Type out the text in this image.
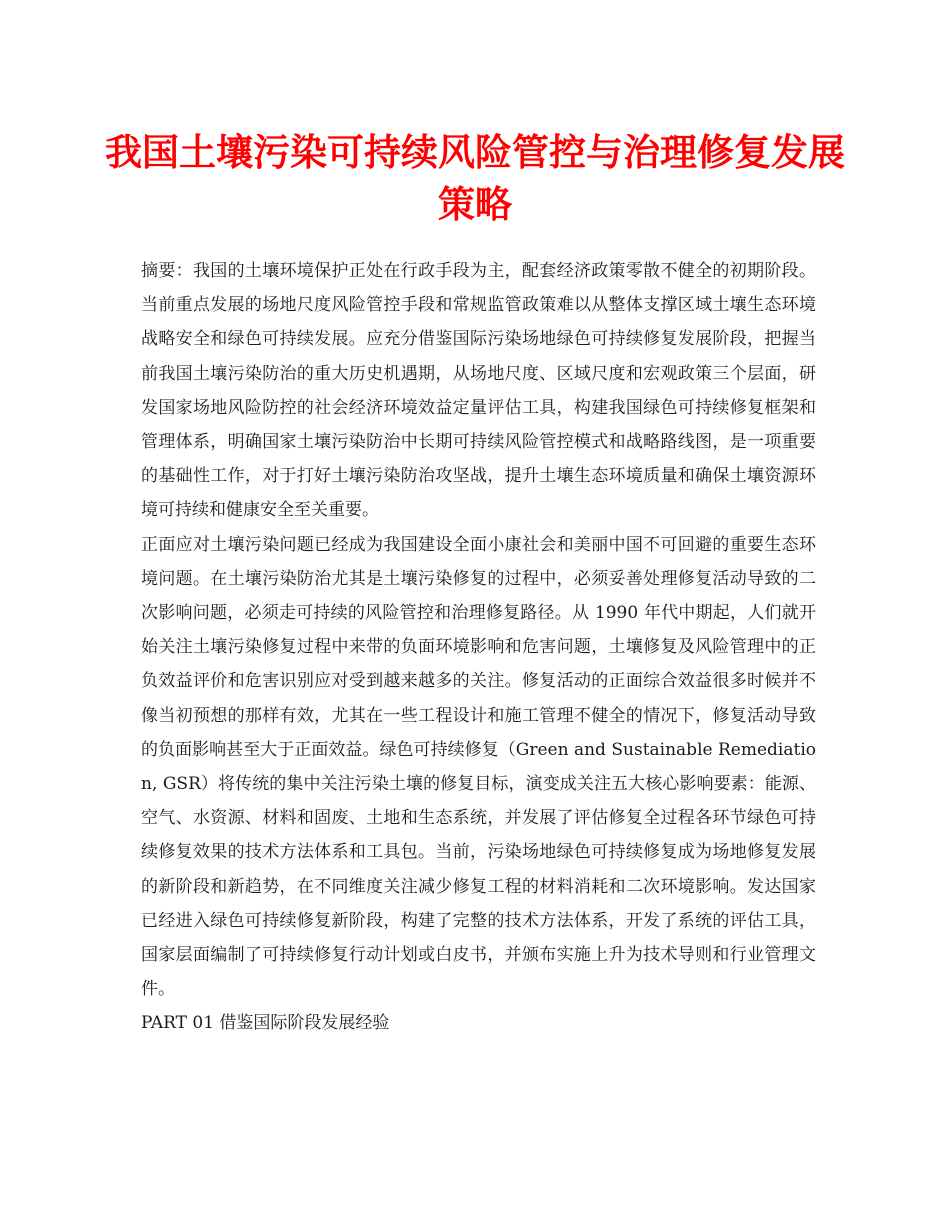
我国土壤污染可持续风险管控与治理修复发展策略

摘要：我国的土壤环境保护正处在行政手段为主，配套经济政策零散不健全的初期阶段。当前重点发展的场地尺度风险管控手段和常规监管政策难以从整体支撑区域土壤生态环境战略安全和绿色可持续发展。应充分借鉴国际污染场地绿色可持续修复发展阶段，把握当前我国土壤污染防治的重大历史机遇期，从场地尺度、区域尺度和宏观政策三个层面，研发国家场地风险防控的社会经济环境效益定量评估工具，构建我国绿色可持续修复框架和管理体系，明确国家土壤污染防治中长期可持续风险管控模式和战略路线图，是一项重要的基础性工作，对于打好土壤污染防治攻坚战，提升土壤生态环境质量和确保土壤资源环境可持续和健康安全至关重要。

正面应对土壤污染问题已经成为我国建设全面小康社会和美丽中国不可回避的重要生态环境问题。在土壤污染防治尤其是土壤污染修复的过程中，必须妥善处理修复活动导致的二次影响问题，必须走可持续的风险管控和治理修复路径。从 1990 年代中期起，人们就开始关注土壤污染修复过程中来带的负面环境影响和危害问题，土壤修复及风险管理中的正负效益评价和危害识别应对受到越来越多的关注。修复活动的正面综合效益很多时候并不像当初预想的那样有效，尤其在一些工程设计和施工管理不健全的情况下，修复活动导致的负面影响甚至大于正面效益。绿色可持续修复（Green and Sustainable Remediation, GSR）将传统的集中关注污染土壤的修复目标，演变成关注五大核心影响要素：能源、空气、水资源、材料和固废、土地和生态系统，并发展了评估修复全过程各环节绿色可持续修复效果的技术方法体系和工具包。当前，污染场地绿色可持续修复成为场地修复发展的新阶段和新趋势，在不同维度关注减少修复工程的材料消耗和二次环境影响。发达国家已经进入绿色可持续修复新阶段，构建了完整的技术方法体系，开发了系统的评估工具，国家层面编制了可持续修复行动计划或白皮书，并颁布实施上升为技术导则和行业管理文件。

PART 01 借鉴国际阶段发展经验
